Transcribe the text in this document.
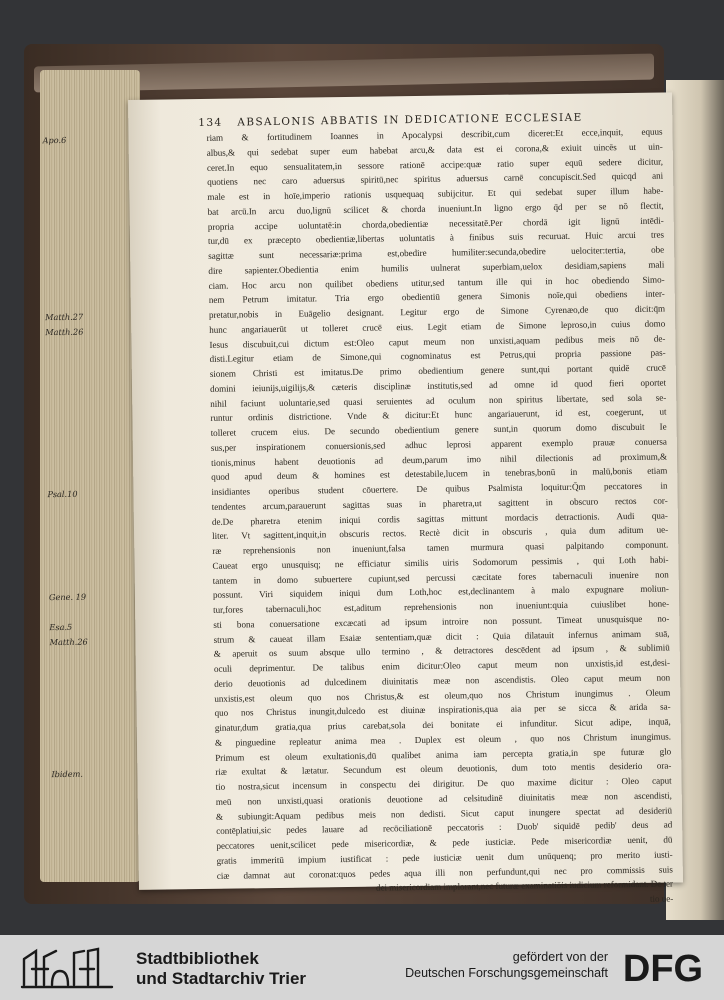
134 ABSALONIS ABBATIS IN DEDICATIONE ECCLESIAE
Apo.6
Matth.27
Matth.26
Psal.10
Gene. 19
Esa.5
Matth.26
Ibidem.
riam & fortitudinem Ioannes in Apocalypsi describit,cum diceret:Et ecce,inquit, equus
albus,& qui sedebat super eum habebat arcu,& data est ei corona,& exiuit uincēs ut uin-
ceret.In equo sensualitatem,in sessore rationē accipe:quæ ratio super equū sedere dicitur,
quotiens nec caro aduersus spiritū,nec spiritus aduersus carnē concupiscit.Sed quicqd ani
male est in hoīe,imperio rationis usquequaq subijcitur. Et qui sedebat super illum habe-
bat arcū.In arcu duo,lignū scilicet & chorda inueniunt.In ligno ergo q̄d per se nō flectit,
propria accipe uoluntatē:in chorda,obedientiæ necessitatē.Per chordā igit lignū intēdi-
tur,dū ex præcepto obedientiæ,libertas uoluntatis à finibus suis recuruat. Huic arcui tres
sagittæ sunt necessariæ:prima est,obedire humiliter:secunda,obedire uelociter:tertia, obe
dire sapienter.Obedientia enim humilis uulnerat superbiam,uelox desidiam,sapiens mali
ciam. Hoc arcu non quilibet obediens utitur,sed tantum ille qui in hoc obediendo Simo-
nem Petrum imitatur. Tria ergo obedientiū genera Simonis noīe,qui obediens inter-
pretatur,nobis in Euāgelio designant. Legitur ergo de Simone Cyrenæo,de quo dicit:q̄m
hunc angariauerūt ut tolleret crucē eius. Legit etiam de Simone leproso,in cuius domo
Iesus discubuit,cui dictum est:Oleo caput meum non unxisti,aquam pedibus meis nō de-
disti.Legitur etiam de Simone,qui cognominatus est Petrus,qui propria passione pas-
sionem Christi est imitatus.De primo obedientium genere sunt,qui portant quidē crucē
domini ieiunijs,uigilijs,& cæteris disciplinæ institutis,sed ad omne id quod fieri oportet
nihil faciunt uoluntarie,sed quasi seruientes ad oculum non spiritus libertate, sed sola se-
runtur ordinis districtione. Vnde & dicitur:Et hunc angariauerunt, id est, coegerunt, ut
tolleret crucem eius. De secundo obedientium genere sunt,in quorum domo discubuit Ie
sus,per inspirationem conuersionis,sed adhuc leprosi apparent exemplo prauæ conuersa
tionis,minus habent deuotionis ad deum,parum imo nihil dilectionis ad proximum,&
quod apud deum & homines est detestabile,lucem in tenebras,bonū in malū,bonis etiam
insidiantes operibus student cōuertere. De quibus Psalmista loquitur:Q̄m peccatores in
tendentes arcum,parauerunt sagittas suas in pharetra,ut sagittent in obscuro rectos cor-
de.De pharetra etenim iniqui cordis sagittas mittunt mordacis detractionis. Audi qua-
liter. Vt sagittent,inquit,in obscuris rectos. Rectè dicit in obscuris , quia dum aditum ue-
ræ reprehensionis non inueniunt,falsa tamen murmura quasi palpitando componunt.
Caueat ergo unusquisq; ne efficiatur similis uiris Sodomorum pessimis , qui Loth habi-
tantem in domo subuertere cupiunt,sed percussi cæcitate fores tabernaculi inuenire non
possunt. Viri siquidem iniqui dum Loth,hoc est,declinantem à malo expugnare moliun-
tur,fores tabernaculi,hoc est,aditum reprehensionis non inueniunt:quia cuiuslibet hone-
sti bona conuersatione excæcati ad ipsum introire non possunt. Timeat unusquisque no-
strum & caueat illam Esaiæ sententiam,quæ dicit : Quia dilatauit infernus animam suā,
& aperuit os suum absque ullo termino , & detractores descēdent ad ipsum , & sublimiū
oculi deprimentur. De talibus enim dicitur:Oleo caput meum non unxistis,id est,desi-
derio deuotionis ad dulcedinem diuinitatis meæ non ascendistis. Oleo caput meum non
unxistis,est oleum quo nos Christus,& est oleum,quo nos Christum inungimus . Oleum
quo nos Christus inungit,dulcedo est diuinæ inspirationis,qua aia per se sicca & arida sa-
ginatur,dum gratia,qua prius carebat,sola dei bonitate ei infunditur. Sicut adipe, inquā,
& pinguedine repleatur anima mea . Duplex est oleum , quo nos Christum inungimus.
Primum est oleum exultationis,dū qualibet anima iam percepta gratia,in spe futuræ glo
riæ exultat & lætatur. Secundum est oleum deuotionis, dum toto mentis desiderio ora-
tio nostra,sicut incensum in conspectu dei dirigitur. De quo maxime dicitur : Oleo caput
meū non unxisti,quasi orationis deuotione ad celsitudinē diuinitatis meæ non ascendisti,
& subiungit:Aquam pedibus meis non dedisti. Sicut caput inungere spectat ad desideriū
contēplatiui,sic pedes lauare ad recōciliationē peccatoris : Duob' siquidē pedib' deus ad
peccatores uenit,scilicet pede misericordiæ, & pede iusticiæ. Pede misericordiæ uenit, dū
gratis immeritū impium iustificat : pede iusticiæ uenit dum unūquenq; pro merito iusti-
ciæ damnat aut coronat:quos pedes aqua illi non perfundunt,qui nec pro commissis suis
dei misericordiam implorant,nec futuræ examinatiōis iudicium reformidant. De ter
tio ue-
Stadtbibliothek
und Stadtarchiv Trier
gefördert von der
Deutschen Forschungsgemeinschaft DFG
